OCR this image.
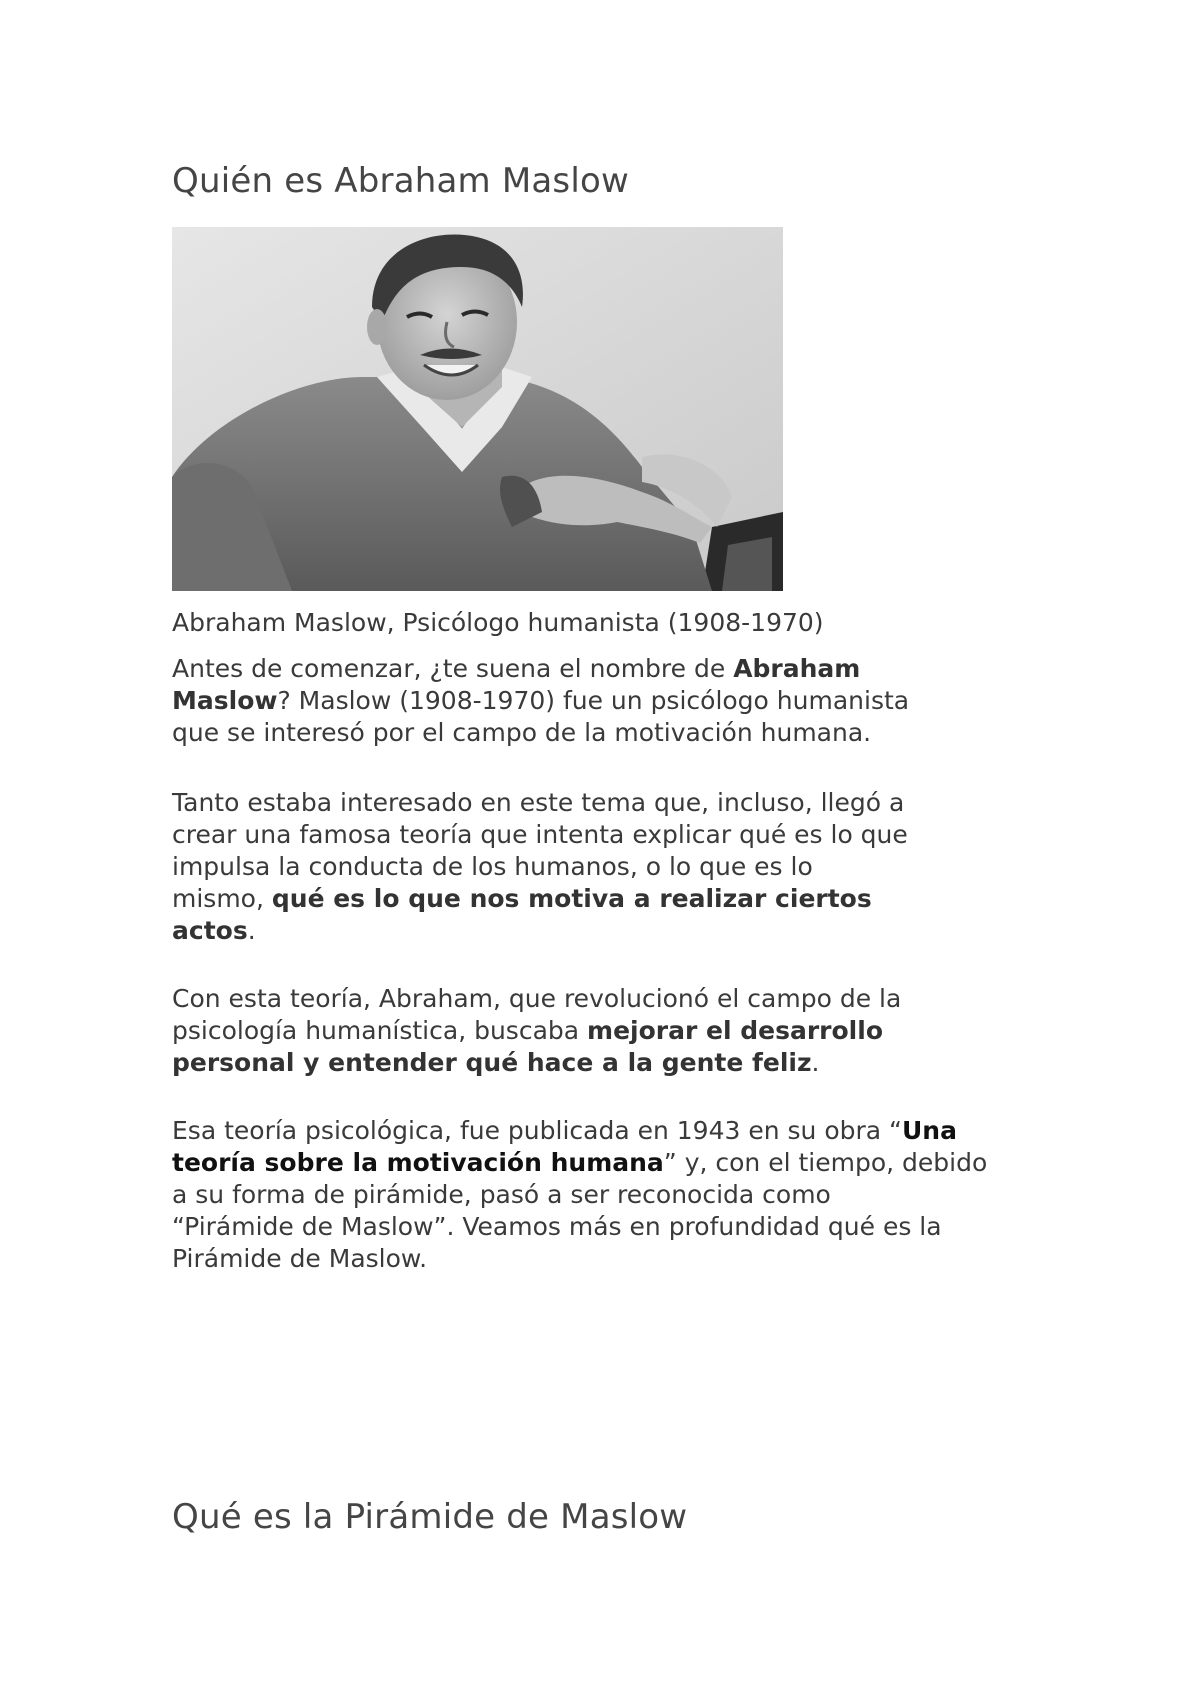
Quién es Abraham Maslow

Abraham Maslow, Psicólogo humanista (1908-1970)

Antes de comenzar, ¿te suena el nombre de Abraham
Maslow? Maslow (1908-1970) fue un psicólogo humanista
que se interesó por el campo de la motivación humana.

Tanto estaba interesado en este tema que, incluso, llegó a
crear una famosa teoría que intenta explicar qué es lo que
impulsa la conducta de los humanos, o lo que es lo
mismo, qué es lo que nos motiva a realizar ciertos
actos.

Con esta teoría, Abraham, que revolucionó el campo de la
psicología humanística, buscaba mejorar el desarrollo
personal y entender qué hace a la gente feliz.

Esa teoría psicológica, fue publicada en 1943 en su obra “Una
teoría sobre la motivación humana” y, con el tiempo, debido
a su forma de pirámide, pasó a ser reconocida como
“Pirámide de Maslow”. Veamos más en profundidad qué es la
Pirámide de Maslow.

Qué es la Pirámide de Maslow
